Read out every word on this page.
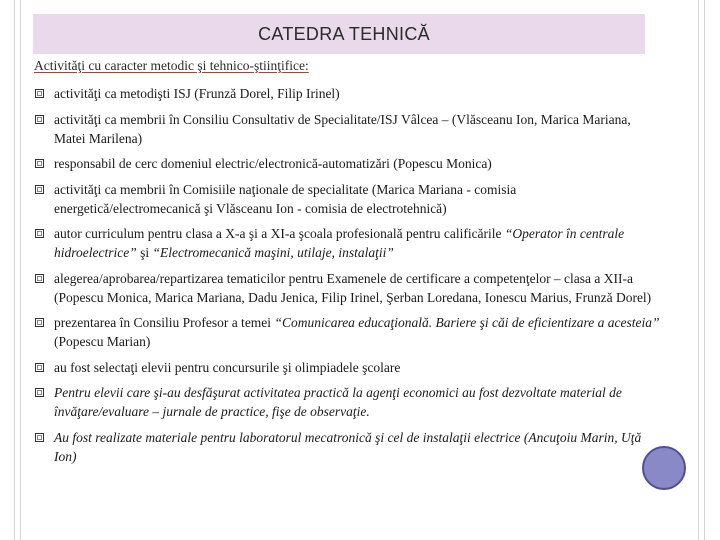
CATEDRA TEHNICĂ
Activităţi cu caracter metodic şi tehnico-ştiinţifice:
activităţi ca metodişti ISJ (Frunză Dorel, Filip Irinel)
activităţi ca membrii în Consiliu Consultativ de Specialitate/ISJ Vâlcea – (Vlăsceanu Ion, Marica Mariana, Matei Marilena)
responsabil de cerc domeniul electric/electronică-automatizări (Popescu Monica)
activităţi ca membrii în Comisiile naţionale de specialitate (Marica Mariana - comisia energetică/electromecanică şi Vlăsceanu Ion - comisia de electrotehnică)
autor curriculum pentru clasa a X-a şi a XI-a şcoala profesională pentru calificările “Operator în centrale hidroelectrice” şi “Electromecanică maşini, utilaje, instalaţii”
alegerea/aprobarea/repartizarea tematicilor pentru Examenele de certificare a competenţelor – clasa a XII-a (Popescu Monica, Marica Mariana, Dadu Jenica, Filip Irinel, Şerban Loredana, Ionescu Marius, Frunză Dorel)
prezentarea în Consiliu Profesor a temei “Comunicarea educaţională. Bariere şi căi de eficientizare a acesteia” (Popescu Marian)
au fost selectaţi elevii pentru concursurile şi olimpiadele şcolare
Pentru elevii care şi-au desfăşurat activitatea practică la agenţi economici au fost dezvoltate material de învăţare/evaluare – jurnale de practice, fişe de observaţie.
Au fost realizate materiale pentru laboratorul mecatronică şi cel de instalaţii electrice (Ancuţoiu Marin, Uţă Ion)
